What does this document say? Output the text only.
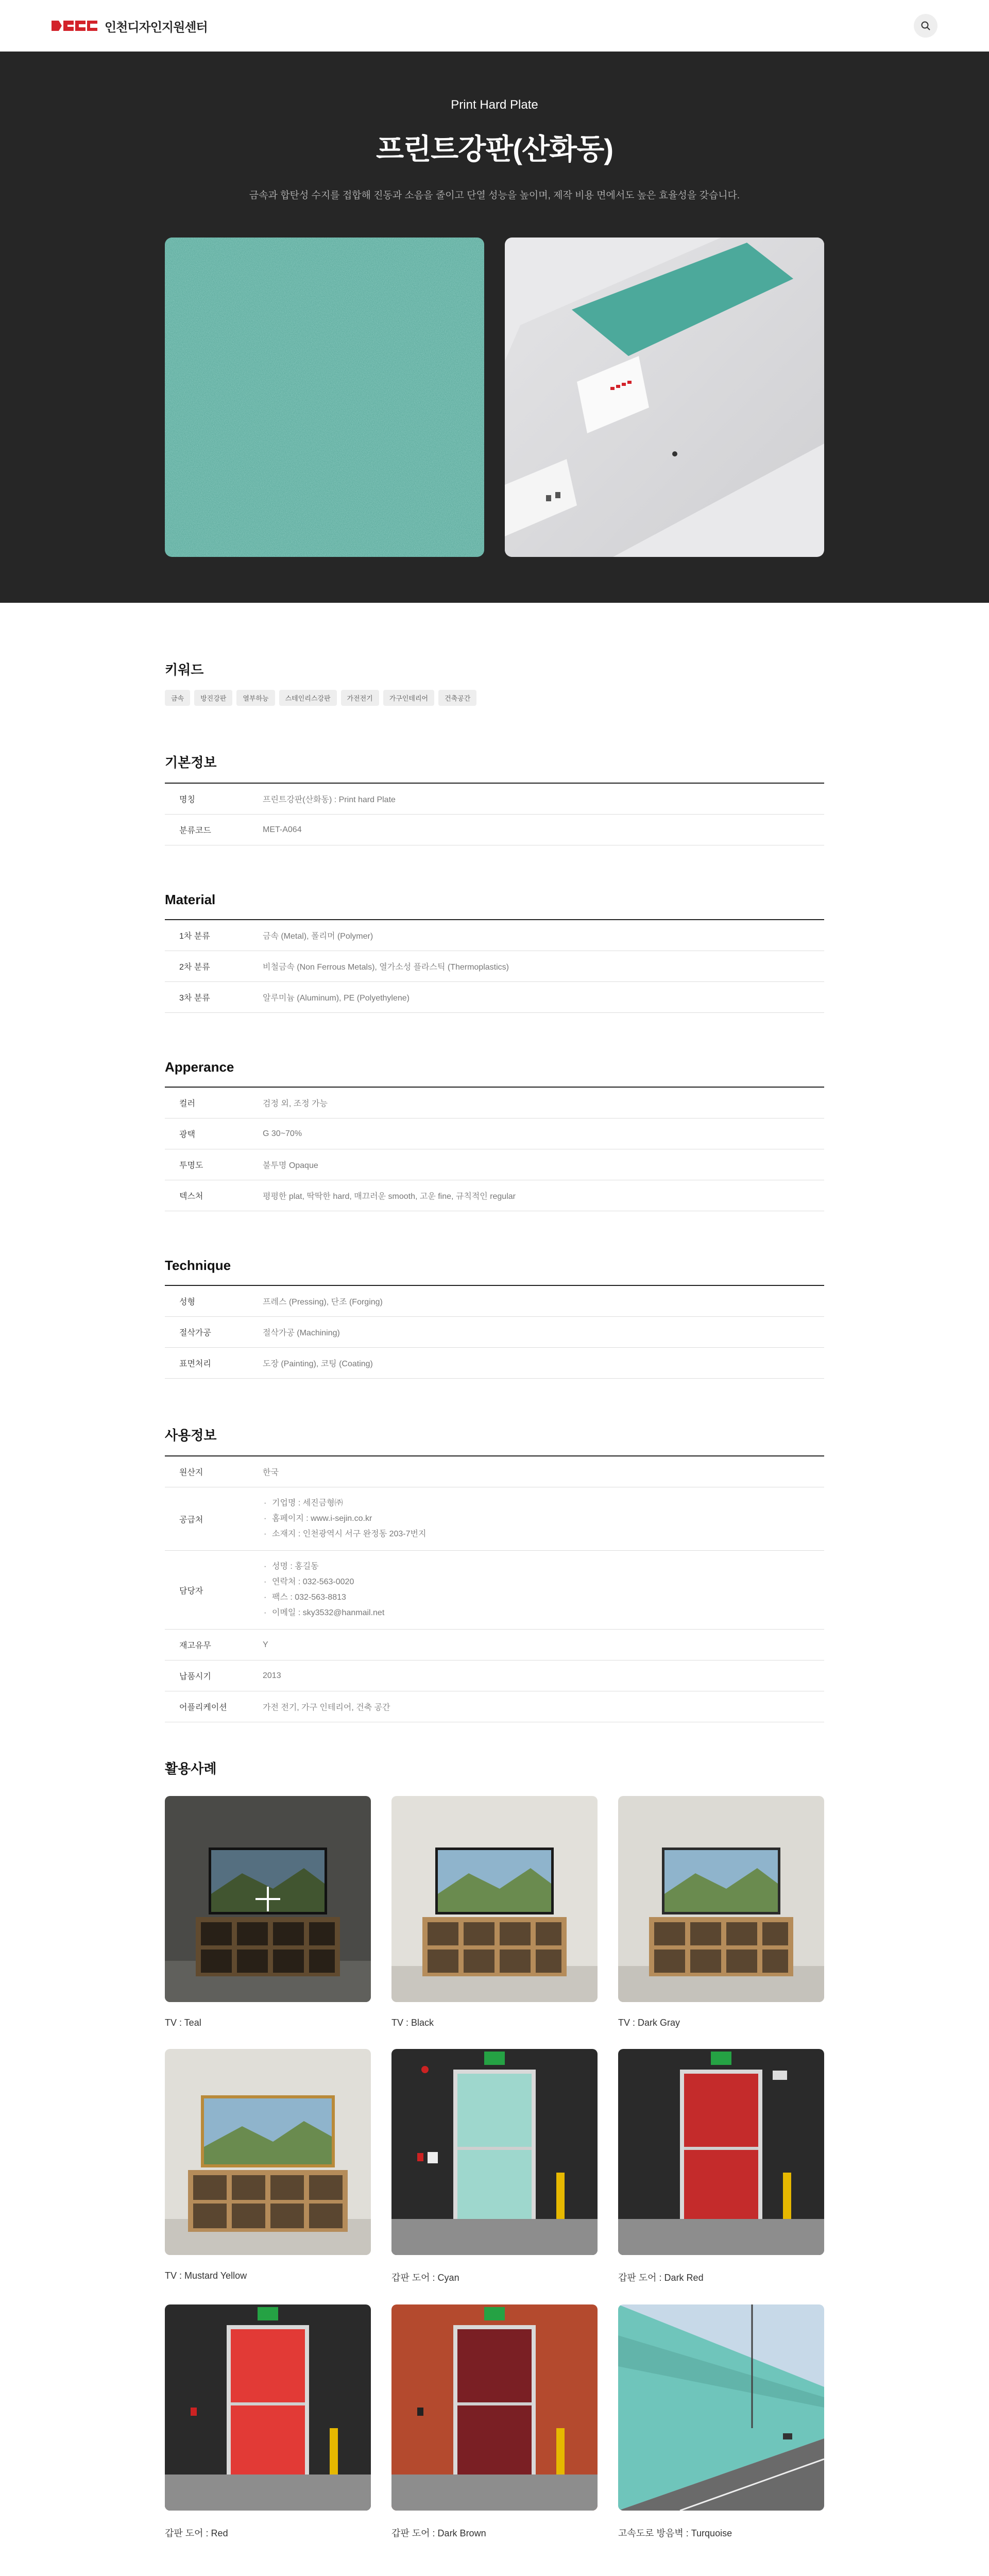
인천디자인지원센터

Print Hard Plate

프린트강판(산화동)

금속과 합탄성 수지를 접합해 진동과 소음을 줄이고 단열 성능을 높이며, 제작 비용 면에서도 높은 효율성을 갖습니다.

키워드
금속	방진강판	열부하능	스테인리스강판	가전전기	가구인테리어	건축공간
기본정보
명칭	프린트강판(산화동) : Print hard Plate
분류코드	MET-A064
Material
1차 분류	금속 (Metal), 폴리머 (Polymer)
2차 분류	비철금속 (Non Ferrous Metals), 열가소성 플라스틱 (Thermoplastics)
3차 분류	알루미늄 (Aluminum), PE (Polyethylene)
Apperance
컬러	검정 외, 조정 가능
광택	G 30~70%
투명도	불투명 Opaque
텍스처	평평한 plat, 딱딱한 hard, 매끄러운 smooth, 고운 fine, 규칙적인 regular
Technique
성형	프레스 (Pressing), 단조 (Forging)
절삭가공	절삭가공 (Machining)
표면처리	도장 (Painting), 코팅 (Coating)
사용정보
원산지	한국
공급처
· 기업명 : 세진금형㈜
· 홈페이지 : www.i-sejin.co.kr
· 소재지 : 인천광역시 서구 완정동 203-7번지
담당자
· 성명 : 홍길동
· 연락처 : 032-563-0020
· 팩스 : 032-563-8813
· 이메일 : sky3532@hanmail.net
재고유무	Y
납품시기	2013
어플리케이션	가전 전기, 가구 인테리어, 건축 공간
활용사례

TV : Teal	TV : Black	TV : Dark Gray

TV : Mustard Yellow	갑판 도어 : Cyan	갑판 도어 : Dark Red

갑판 도어 : Red	갑판 도어 : Dark Brown	고속도로 방음벽 : Turquoise
